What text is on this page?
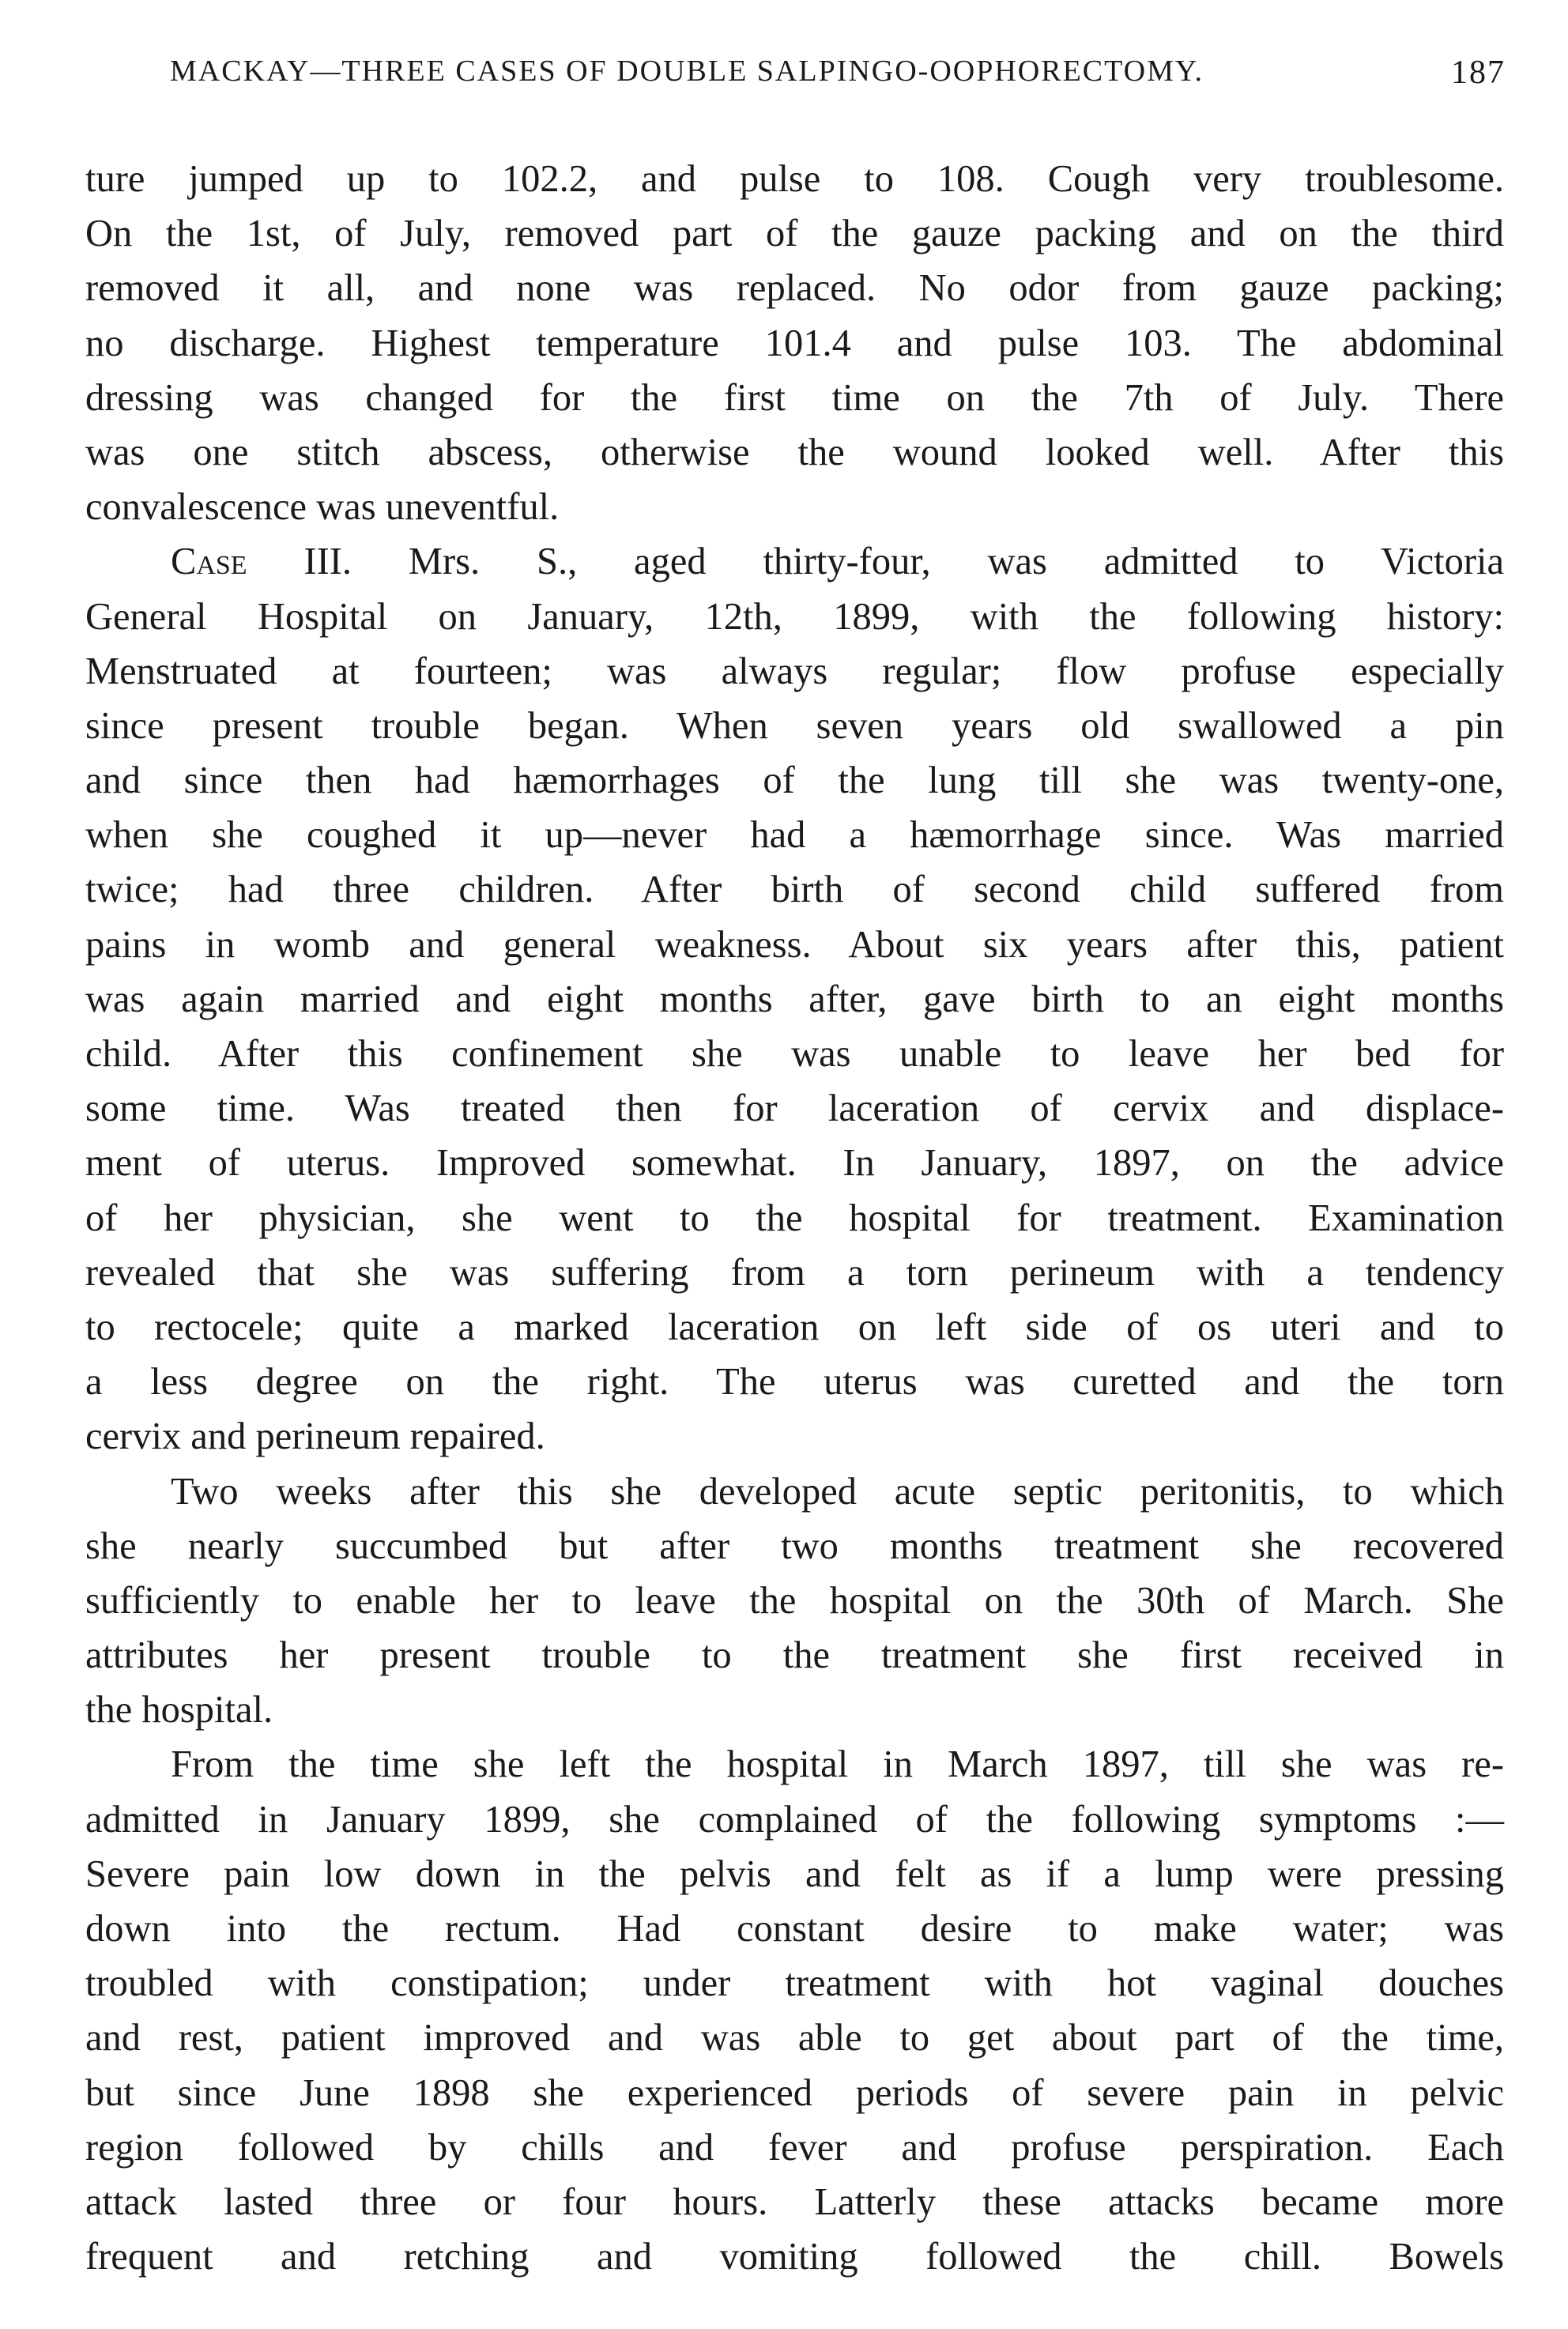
MACKAY—THREE CASES OF DOUBLE SALPINGO-OOPHORECTOMY.	187
ture jumped up to 102.2, and pulse to 108. Cough very troublesome.
On the 1st, of July, removed part of the gauze packing and on the third
removed it all, and none was replaced. No odor from gauze packing;
no discharge. Highest temperature 101.4 and pulse 103. The abdominal
dressing was changed for the first time on the 7th of July. There
was one stitch abscess, otherwise the wound looked well. After this
convalescence was uneventful.
Case III. Mrs. S., aged thirty-four, was admitted to Victoria
General Hospital on January, 12th, 1899, with the following history:
Menstruated at fourteen; was always regular; flow profuse especially
since present trouble began. When seven years old swallowed a pin
and since then had hæmorrhages of the lung till she was twenty-one,
when she coughed it up—never had a hæmorrhage since. Was married
twice; had three children. After birth of second child suffered from
pains in womb and general weakness. About six years after this, patient
was again married and eight months after, gave birth to an eight months
child. After this confinement she was unable to leave her bed for
some time. Was treated then for laceration of cervix and displace-
ment of uterus. Improved somewhat. In January, 1897, on the advice
of her physician, she went to the hospital for treatment. Examination
revealed that she was suffering from a torn perineum with a tendency
to rectocele; quite a marked laceration on left side of os uteri and to
a less degree on the right. The uterus was curetted and the torn
cervix and perineum repaired.
Two weeks after this she developed acute septic peritonitis, to which
she nearly succumbed but after two months treatment she recovered
sufficiently to enable her to leave the hospital on the 30th of March. She
attributes her present trouble to the treatment she first received in
the hospital.
From the time she left the hospital in March 1897, till she was re-
admitted in January 1899, she complained of the following symptoms :—
Severe pain low down in the pelvis and felt as if a lump were pressing
down into the rectum. Had constant desire to make water; was
troubled with constipation; under treatment with hot vaginal douches
and rest, patient improved and was able to get about part of the time,
but since June 1898 she experienced periods of severe pain in pelvic
region followed by chills and fever and profuse perspiration. Each
attack lasted three or four hours. Latterly these attacks became more
frequent and retching and vomiting followed the chill. Bowels
